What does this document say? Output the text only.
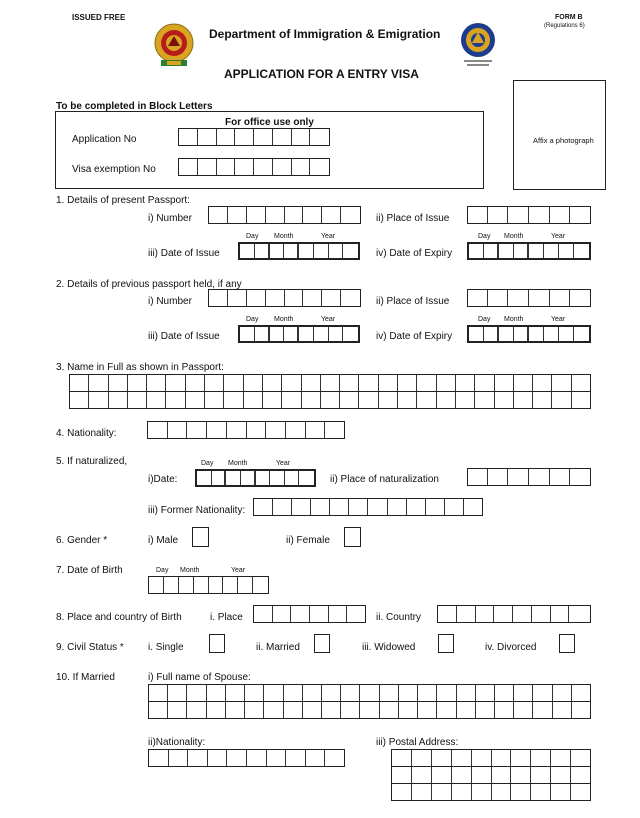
ISSUED FREE	FORM B
(Regulations 6)
Department of Immigration & Emigration
APPLICATION FOR A ENTRY VISA
To be completed in Block Letters
For office use only
Application No
Visa exemption No
Affix a photograph
1. Details of present Passport:
i) Number	ii) Place of Issue
Day Month	Year
iii) Date of Issue
Day Month	Year
iv) Date of Expiry
2. Details of previous passport held, if any
i) Number	ii) Place of Issue
Day Month	Year
iii) Date of Issue
Day Month	Year
iv) Date of Expiry
3. Name in Full as shown in Passport:
4. Nationality:
5. If naturalized,	Day Month	Year
i)Date:	ii) Place of naturalization
iii) Former Nationality:
6. Gender *	i) Male	ii) Female
7. Date of Birth	Day Month	Year
8. Place and country of Birth	i. Place	ii. Country
9. Civil Status * i. Single	ii. Married	iii. Widowed	iv. Divorced
10. If Married	i) Full name of Spouse:
ii)Nationality:	iii) Postal Address:
